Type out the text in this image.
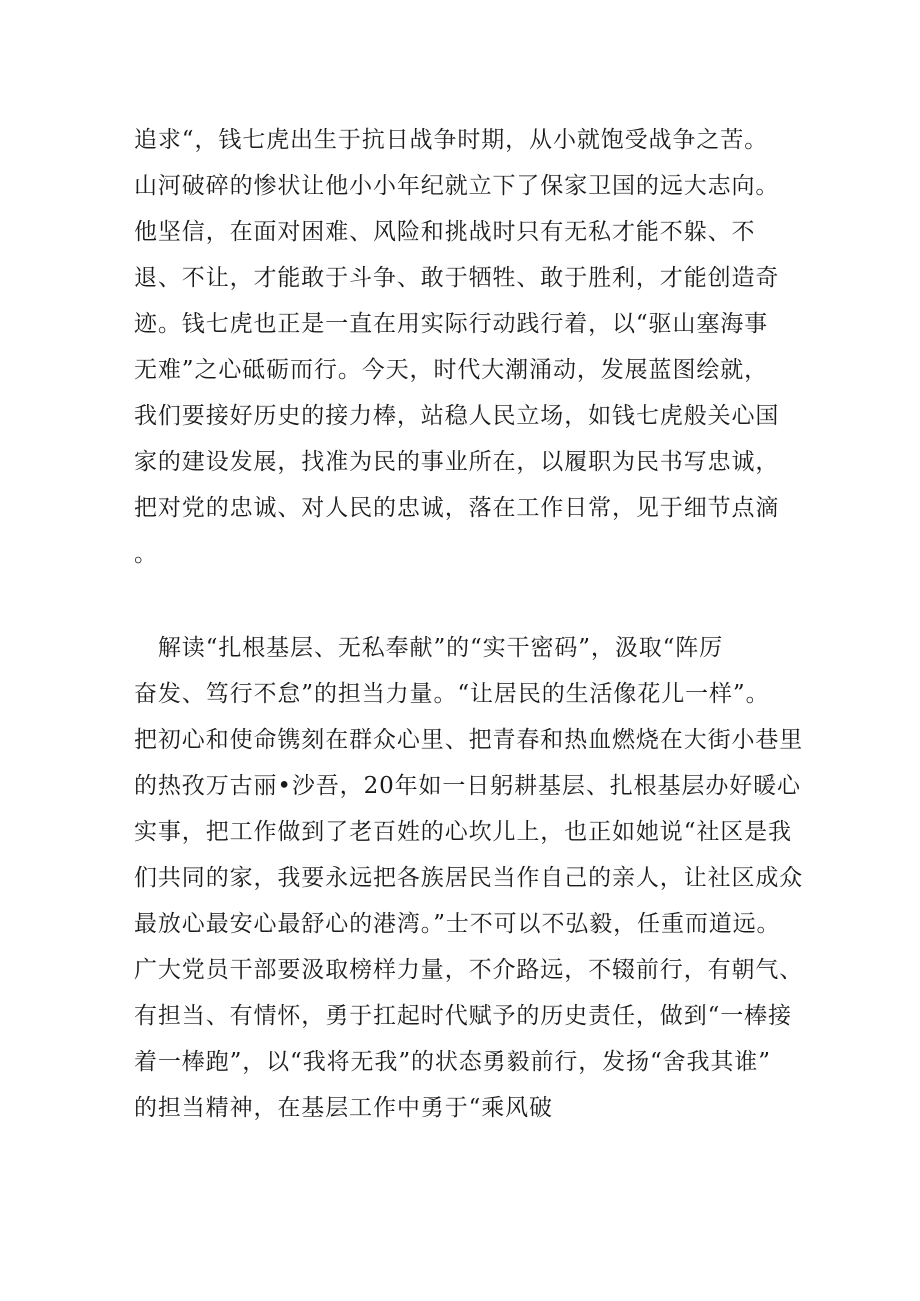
追求“，钱七虎出生于抗日战争时期，从小就饱受战争之苦。
山河破碎的惨状让他小小年纪就立下了保家卫国的远大志向。
他坚信，在面对困难、风险和挑战时只有无私才能不躲、不
退、不让，才能敢于斗争、敢于牺牲、敢于胜利，才能创造奇
迹。钱七虎也正是一直在用实际行动践行着，以“驱山塞海事
无难”之心砥砺而行。今天，时代大潮涌动，发展蓝图绘就，
我们要接好历史的接力棒，站稳人民立场，如钱七虎般关心国
家的建设发展，找准为民的事业所在，以履职为民书写忠诚，
把对党的忠诚、对人民的忠诚，落在工作日常，见于细节点滴
。
　解读“扎根基层、无私奉献”的“实干密码”，汲取“阵厉
奋发、笃行不怠”的担当力量。“让居民的生活像花儿一样”。
把初心和使命镌刻在群众心里、把青春和热血燃烧在大街小巷里
的热孜万古丽•沙吾，20年如一日躬耕基层、扎根基层办好暖心
实事，把工作做到了老百姓的心坎儿上，也正如她说“社区是我
们共同的家，我要永远把各族居民当作自己的亲人，让社区成众
最放心最安心最舒心的港湾。”士不可以不弘毅，任重而道远。
广大党员干部要汲取榜样力量，不介路远，不辍前行，有朝气、
有担当、有情怀，勇于扛起时代赋予的历史责任，做到“一棒接
着一棒跑”，以“我将无我”的状态勇毅前行，发扬“舍我其谁”
的担当精神，在基层工作中勇于“乘风破
